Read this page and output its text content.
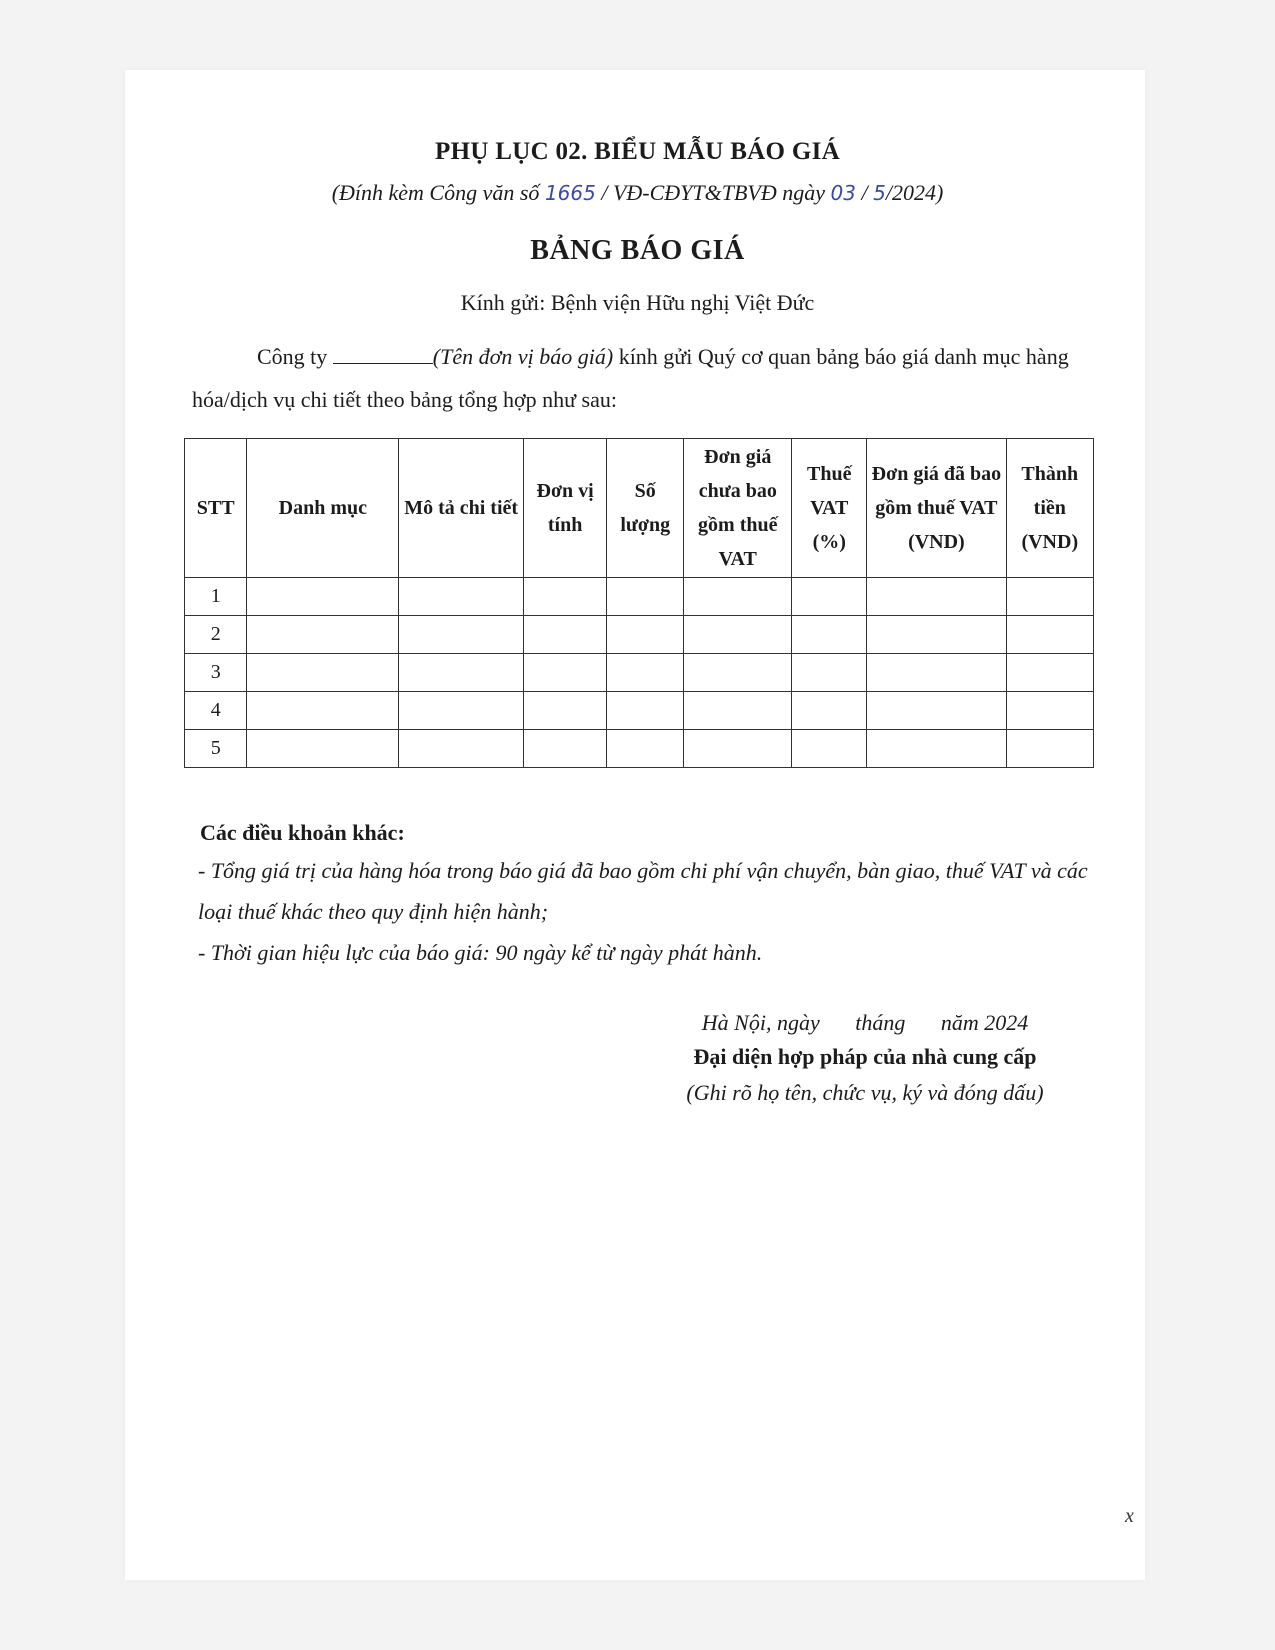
PHỤ LỤC 02. BIỂU MẪU BÁO GIÁ
(Đính kèm Công văn số 1665 / VĐ-CĐYT&TBVĐ ngày 03 / 5/2024)
BẢNG BÁO GIÁ
Kính gửi: Bệnh viện Hữu nghị Việt Đức
Công ty	(Tên đơn vị báo giá) kính gửi Quý cơ quan bảng báo giá danh mục hàng hóa/dịch vụ chi tiết theo bảng tổng hợp như sau:
STT	Danh mục	Mô tả chi tiết	Đơn vị tính	Số lượng	Đơn giá chưa bao gồm thuế VAT	Thuế VAT (%)	Đơn giá đã bao gồm thuế VAT (VND)	Thành tiền (VND)
1								
2								
3								
4								
5								
Các điều khoản khác:

- Tổng giá trị của hàng hóa trong báo giá đã bao gồm chi phí vận chuyển, bàn giao, thuế VAT và các loại thuế khác theo quy định hiện hành;

- Thời gian hiệu lực của báo giá: 90 ngày kể từ ngày phát hành.

Hà Nội, ngày tháng năm 2024
Đại diện hợp pháp của nhà cung cấp
(Ghi rõ họ tên, chức vụ, ký và đóng dấu)
x
